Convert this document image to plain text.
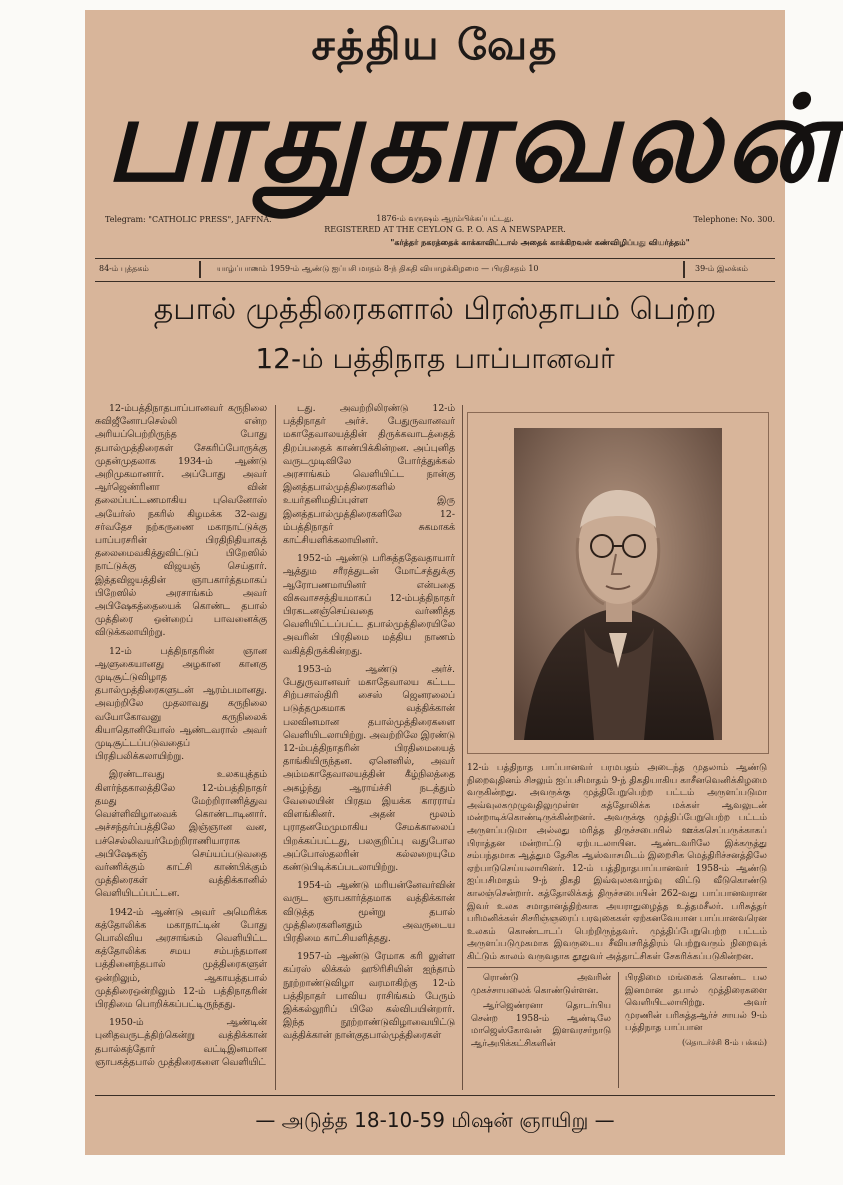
சத்திய வேத
பாதுகாவலன்
Telegram: "CATHOLIC PRESS", JAFFNA.	1876-ம் வருஷம் ஆரம்பிக்கப்பட்டது.
REGISTERED AT THE CEYLON G. P. O. AS A NEWSPAPER.
Telephone: No. 300.
"கர்த்தர் நகரத்தைக் காக்காவிட்டால் அதைக் காக்கிறவன் கண்விழிப்பது வியர்த்தம்"
84-ம் புத்தகம்	யாழ்ப்பாணம் 1959-ம் ஆண்டு ஐப்பசி மாதம் 8-ந் திகதி வியாழக்கிழமை — பிரதிசதம் 10	39-ம் இலக்கம்
தபால் முத்திரைகளால் பிரஸ்தாபம் பெற்ற
12-ம் பத்திநாத பாப்பானவர்

12-ம்பத்திநாதபாப்பானவர் கருநிலை சுவிஜீனோபசெல்லி என்ற அரியப்பெற்றிருந்த போது தபால்முத்திரைகள் சேகரிப்போருக்கு முதன்முதலாக 1934-ம் ஆண்டு அறிமுகமானார். அப்போது அவர் ஆர்ஜெண்ரினா வின் தலைப்பட்டணமாகிய புவெனோஸ் அயேர்ஸ் நகரில் கிழமக்க 32-வது சர்வதேச நற்கருணை மகாநாட்டுக்கு பாப்பரசரின் பிரதிநிதியாகத் தலைமைவகித்துவிட்டுப் பிறேஸில் நாட்டுக்கு விஜயஞ் செய்தார். இத்தவிஜயத்தின் ஞாபகார்த்தமாகப் பிறேஸில் அரசாங்கம் அவர் அபிஷேகத்தையைக் கொண்ட தபால் முத்திரை ஒன்றைப் பாவனைக்கு விடுக்கலாயிற்று.

12-ம் பத்திநாதரின் ஞான ஆளுகையானது அழகான கானகு முடிசூட்டுவிழாத தபால்முத்திரைகளுடன் ஆரம்பமானது. அவற்றிலே முதலாவது கருநிலை வயோகோவனு கருநிலைக் கியாதொனியோஸ் ஆண்டவரால் அவர் முடிசூட்டப்படுவதைப் பிரதிபலிக்கலாயிற்று.

இரண்டாவது உலகயுத்தம் கிளர்ந்தகாலத்திலே 12-ம்பத்திநாதர் தமது மேற்றிராணித்துவ வெள்ளிவிழாவைக் கொண்டாடினார். அச்சந்தர்ப்பத்திலே இஞ்ஞான வன, பச்செல்லிவயர்மேற்றிராணியாராக அபிஷேகஞ் செய்யப்படுவதை வர்ணிக்கும் காட்சி காண்பிக்கும் முத்திரைகள் வத்திக்கானில் வெளியிடப்பட்டன.

1942-ம் ஆண்டு அவர் அமெரிக்க கத்தோலிக்க மகாநாட்டின் போது பொலிவிய அரசாங்கம் வெளியிட்ட கத்தோலிக்க சமய சம்பந்தமான பத்தினைந்தபால் முத்திரைகளுள் ஒன்றிலும், ஆகாயத்தபால் முத்திரைஒன்றிலும் 12-ம் பத்திநாதரின் பிரதிமை பொறிக்கப்பட்டிருந்தது.

1950-ம் ஆண்டின் புனிதவருடத்திற்கென்று வத்திக்கான் தபால்கந்தோர் வட்டிஇனமான ஞாபகத்தபால் முத்திரைகளை வெளியிட்

டது. அவற்றிலிரண்டு 12-ம் பத்திநாதர் அர்ச். பேதுருவானவர் மகாதேவாலயத்தின் திருக்கவாடத்தைத் திறப்பதைக் காண்பிக்கின்றன. அப்புனித வருடமுடிவிலே போர்த்துக்கல் அரசாங்கம் வெளியிட்ட நான்கு இனத்தபால்முத்திரைகளில் உயர்தனிமதிப்புள்ள இரு இனத்தபால்முத்திரைகளிலே 12-ம்பத்திநாதர் சுகமாகக் காட்சியளிக்கலாயினர்.

1952-ம் ஆண்டு பரிசுத்ததேவதாயார் ஆத்தும சரீரத்துடன் மோட்சத்துக்கு ஆரோபணமாயினர் என்பதை விசுவாசசத்தியமாகப் 12-ம்பத்திநாதர் பிரகடனஞ்செய்வதை வர்ணித்த வெளியிட்டப்பட்ட தபால்முத்திரையிலே அவரின் பிரதிமை மத்திய நாணம் வகித்திருக்கின்றது.

1953-ம் ஆண்டு அர்ச். பேதுருவானவர் மகாதேவாலய கட்டட சிற்பசாஸ்திரி சைஸ் ஜெனரலைப் படுத்தமுகமாக வத்திக்கான் பலவினமான தபால்முத்திரைகளை வெளியிடலாயிற்று. அவற்றிலே இரண்டு 12-ம்பத்திநாதரின் பிரதிமையைத் தாங்கியிருந்தன. ஏனெனில், அவர் அம்மகாதேவாலயத்தின் கீழ்நிலத்தை அகழ்ந்து ஆராய்ச்சி நடத்தும் வேலையின் பிரதம இயக்க காரராய் விளங்கினர். அதன் மூலம் புராதனமேமுமாகிய சேமக்காலைப் பிறக்கப்பட்டது, பலகுறிப்பு வதுபோல அப்போஸ்தலரின் கல்லறையுமே கண்டுபிடிக்கப்படலாயிற்று.

1954-ம் ஆண்டு மரியன்னேவர்வின் வருட ஞாபகார்த்தமாக வத்திக்கான் விடுத்த மூன்று தபால் முத்திரைகளினதும் அவருடைய பிரதிமை காட்சியளித்தது.

1957-ம் ஆண்டு ரேமாக கரி லுள்ள கப்ரஸ் லிக்கல் ஹூரிசியின் ஐந்தாம் நூற்றாண்டுவிழா வரமாகிற்கு 12-ம் பத்திநாதர் பாவிய ராசிங்கம் பேரும் இக்கல்லூரிப் பிலே கல்விபயின்றார். இந்த நூற்றாண்டுவிழாவையிட்டு வத்திக்கான் நான்குதபால்முத்திரைகள்

12-ம் பத்திநாத பாப்பானவர் பரமபதம் அடைந்த முதலாம் ஆண்டு நிறைவுதினம் சிசலும் ஐப்பசிமாதம் 9-ந் திகதியாகிய காசீனவெனிக்கிழமை வருகின்றது. அவருக்கு முத்திபேறுபெற்ற பட்டம் அருளப்படுமா அவ்வுலகமுழுவதிலுமுள்ள கத்தோலிக்க மக்கள் ஆவலுடன் மன்றாடிக்கொண்டிருக்கின்றனர். அவருக்கு முத்திப்பேறுபெற்ற பட்டம் அருளப்படுமா அல்லது மரித்த திருச்சபையில் ஊக்கசெப்பருக்காகப் பிராத்தன மன்றாட்டு ஏற்படலாயின. ஆண்டவரிலே இக்கருத்து சம்பந்தமாக ஆத்தும தேசிக ஆஸ்வாசமிடம் இறைசிக மெத்திரிச்சனத்திலே ஏற்பாடுசெய்யலாயினர். 12-ம் பத்திநாதபாப்பானவர் 1958-ம் ஆண்டு ஐப்பசிமாதம் 9-ந் திகதி இவ்வுலகவாழ்வு விட்டு வீடுகொண்டு காலஞ்சென்றார். கத்தோலிக்கத் திருச்சபையின் 262-வது பாப்பானவரான இவர் உலக சமாதானத்திற்காக அயராதுழைத்த உத்தமசீலர். பரிசுத்தர் பரிமனிக்கள் சிசரிஞ்ஞரைப் பரவுகைகள் ஏற்கனவேயான பாப்பானவரென உலகம் கொண்டாடப் பெற்றிருந்தவர். முத்திப்பேறுபெற்ற பட்டம் அருளப்படுமுகமாக இவருடைய சீவியசரித்திரம் பெற்றுவரும் நிறைவுக் கிட்டும் காலம் வருவதாக தூதுவர் அத்தாட்சிகள் சேகரிக்கப்படுகின்றன.

ரொண்டு அவரின் முகச்சாயலைக் கொண்டுள்ளன.

ஆர்ஜெண்ரனா தொடர்பிய சென்ற 1958-ம் ஆண்டிலே மாஜெஸ்கோவன் இளவரசர்நாடு ஆர்அபிக்கட்சிகளின்

பிரதிமை மங்கைக் கொண்ட பல இனமான தபால் முத்திரைகளை வெளியிடலாயிற்று. அவர் முரணின் பரிசுத்தஆர்ச் சாயல் 9-ம் பத்திநாத பாப்பான

(தொடர்ச்சி 8-ம் பக்கம்)

— அடுத்த 18-10-59 மிஷன் ஞாயிறு —
